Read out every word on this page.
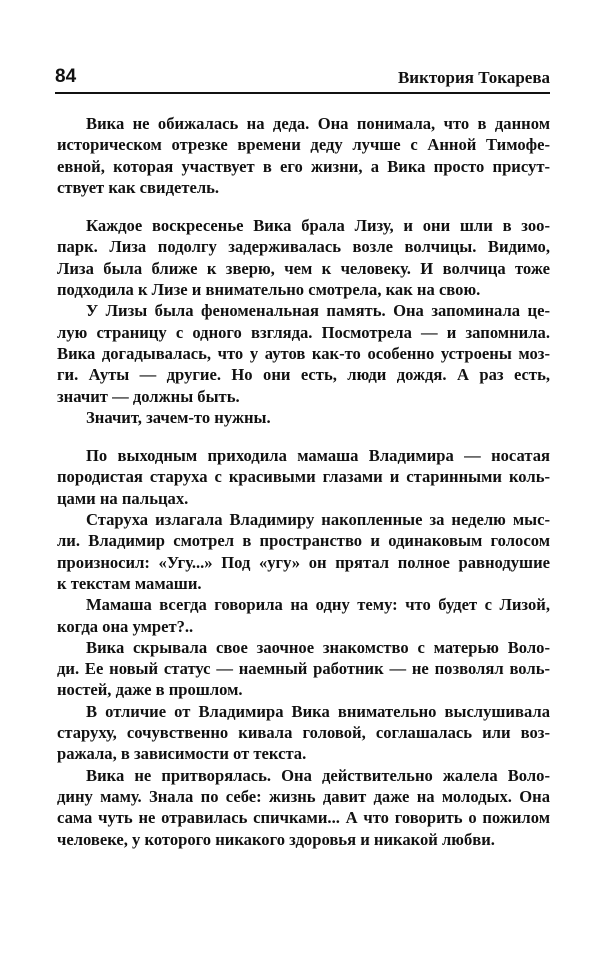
84	Виктория Токарева
Вика не обижалась на деда. Она понимала, что в данном
историческом отрезке времени деду лучше с Анной Тимофе-
евной, которая участвует в его жизни, а Вика просто присут-
ствует как свидетель.
Каждое воскресенье Вика брала Лизу, и они шли в зоо-
парк. Лиза подолгу задерживалась возле волчицы. Видимо,
Лиза была ближе к зверю, чем к человеку. И волчица тоже
подходила к Лизе и внимательно смотрела, как на свою.
У Лизы была феноменальная память. Она запоминала це-
лую страницу с одного взгляда. Посмотрела — и запомнила.
Вика догадывалась, что у аутов как-то особенно устроены моз-
ги. Ауты — другие. Но они есть, люди дождя. А раз есть,
значит — должны быть.
Значит, зачем-то нужны.
По выходным приходила мамаша Владимира — носатая
породистая старуха с красивыми глазами и старинными коль-
цами на пальцах.
Старуха излагала Владимиру накопленные за неделю мыс-
ли. Владимир смотрел в пространство и одинаковым голосом
произносил: «Угу...» Под «угу» он прятал полное равнодушие
к текстам мамаши.
Мамаша всегда говорила на одну тему: что будет с Лизой,
когда она умрет?..
Вика скрывала свое заочное знакомство с матерью Воло-
ди. Ее новый статус — наемный работник — не позволял воль-
ностей, даже в прошлом.
В отличие от Владимира Вика внимательно выслушивала
старуху, сочувственно кивала головой, соглашалась или воз-
ражала, в зависимости от текста.
Вика не притворялась. Она действительно жалела Воло-
дину маму. Знала по себе: жизнь давит даже на молодых. Она
сама чуть не отравилась спичками... А что говорить о пожилом
человеке, у которого никакого здоровья и никакой любви.
